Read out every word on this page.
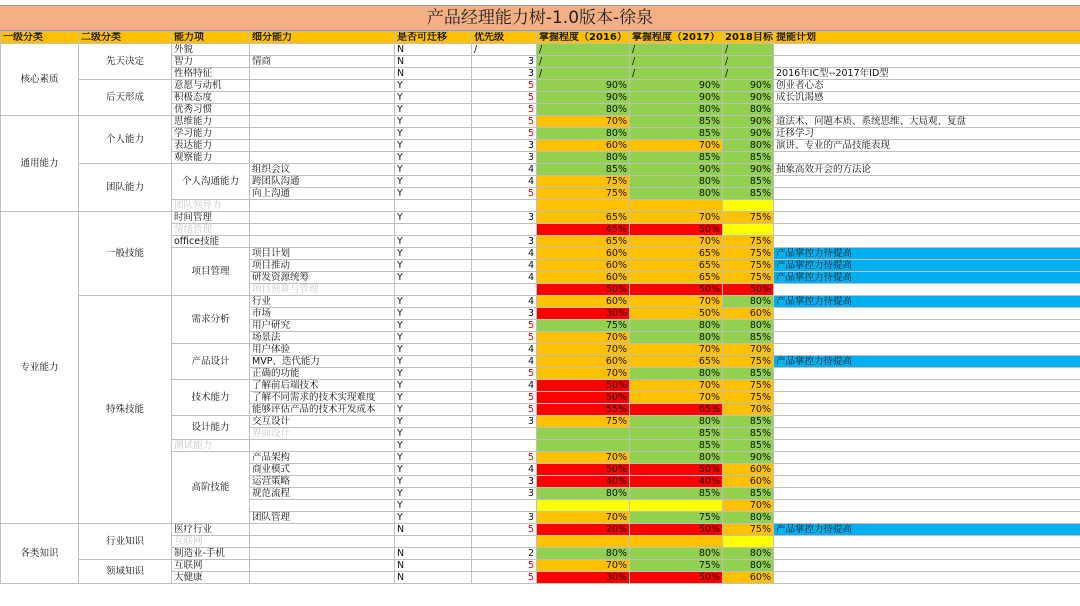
产品经理能力树-1.0版本-徐泉
一级分类	二级分类	能力项	细分能力	是否可迁移	优先级	掌握程度（2016）	掌握程度（2017）	2018目标	提能计划
核心素质	先天决定	外貌		N	/	/	/	/	
		智力	情商	N	3	/	/	/	
		性格特征		N	3	/	/	/	2016年IC型--2017年ID型
	后天形成	意愿与动机		Y	5	90%	90%	90%	创业者心态
		积极态度		Y	5	90%	90%	90%	成长饥渴感
		优秀习惯		Y	5	80%	80%	80%	
通用能力	个人能力	思维能力		Y	5	70%	85%	90%	道法术、问题本质、系统思维、大局观、复盘
		学习能力		Y	5	80%	85%	90%	迁移学习
		表达能力		Y	3	60%	70%	80%	演讲、专业的产品技能表现
		观察能力		Y	3	80%	85%	85%	
	团队能力	个人沟通能力	组织会议	Y	4	85%	90%	90%	抽象高效开会的方法论
			跨团队沟通	Y	4	75%	80%	85%	
			向上沟通	Y	5	75%	80%	85%	
		团队领导力							
专业能力	一般技能	时间管理		Y	3	65%	70%	75%	
		情绪管理				45%	50%		
		office技能		Y	3	65%	70%	75%	
		项目管理	项目计划	Y	4	60%	65%	75%	产品掌控力待提高
			项目推动	Y	4	60%	65%	75%	产品掌控力待提高
			研发资源统筹	Y	4	60%	65%	75%	产品掌控力待提高
			项目预算与管理			50%	50%	50%	
	特殊技能	需求分析	行业	Y	4	60%	70%	80%	产品掌控力待提高
			市场	Y	3	30%	50%	60%	
			用户研究	Y	5	75%	80%	80%	
			场景法	Y	5	70%	80%	85%	
		产品设计	用户体验	Y	4	70%	70%	70%	
			MVP、迭代能力	Y	4	60%	65%	75%	产品掌控力待提高
			正确的功能	Y	5	70%	80%	85%	
		技术能力	了解前后端技术	Y	4	50%	70%	75%	
			了解不同需求的技术实现难度	Y	5	50%	70%	75%	
			能够评估产品的技术开发成本	Y	5	55%	65%	70%	
		设计能力	交互设计	Y	3	75%	80%	85%	
			界面设计	Y			85%	85%	
		测试能力		Y			85%	85%	
		高阶技能	产品架构	Y	5	70%	80%	90%	
			商业模式	Y	4	50%	50%	60%	
			运营策略	Y	3	40%	40%	60%	
			规范流程	Y	3	80%	85%	85%	
				Y				70%	
			团队管理	Y	3	70%	75%	80%	
各类知识	行业知识	医疗行业		N	5	20%	50%	75%	产品掌控力待提高
		互联网							
		制造业-手机		N	2	80%	80%	80%	
	领域知识	互联网		N	5	70%	75%	80%	
		大健康		N	5	30%	50%	60%	
